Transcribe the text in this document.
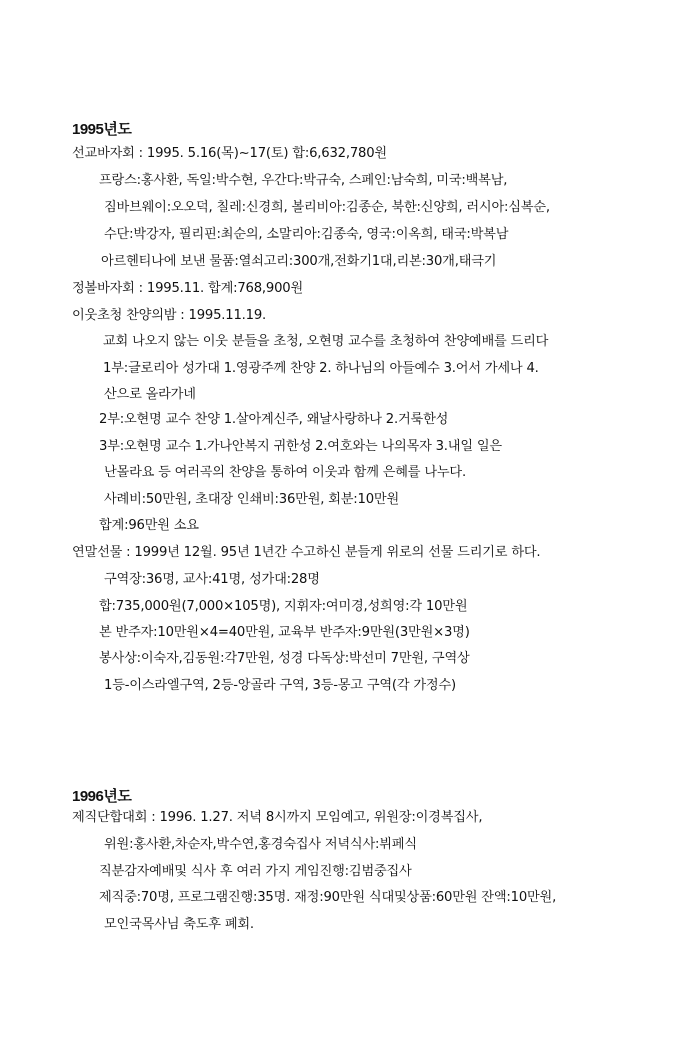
1995년도
선교바자회 : 1995. 5.16(목)~17(토) 합:6,632,780원
프랑스:홍사환, 독일:박수현, 우간다:박규숙, 스페인:남숙희, 미국:백복남,
짐바브웨이:오오덕, 칠레:신경희, 볼리비아:김종순, 북한:신양희, 러시아:심복순,
수단:박강자, 필리핀:최순의, 소말리아:김종숙, 영국:이옥희, 태국:박복남
아르헨티나에 보낸 물품:열쇠고리:300개,전화기1대,리본:30개,태극기
정볼바자회 : 1995.11. 합계:768,900원
이웃초청 찬양의밤 : 1995.11.19.
교회 나오지 않는 이웃 분들을 초청, 오현명 교수를 초청하여 찬양예배를 드리다
1부:글로리아 성가대 1.영광주께 찬양 2. 하나님의 아들예수 3.어서 가세나 4.
산으로 올라가네
2부:오현명 교수 찬양 1.살아계신주, 왜날사랑하나 2.거룩한성
3부:오현명 교수 1.가나안복지 귀한성 2.여호와는 나의목자 3.내일 일은
난몰라요 등 여러곡의 찬양을 통하여 이웃과 함께 은혜를 나누다.
사례비:50만원, 초대장 인쇄비:36만원, 회분:10만원
합계:96만원 소요
연말선물 : 1999년 12월. 95년 1년간 수고하신 분들게 위로의 선물 드리기로 하다.
구역장:36명, 교사:41명, 성가대:28명
합:735,000원(7,000×105명), 지휘자:여미경,성희영:각 10만원
본 반주자:10만원×4=40만원, 교육부 반주자:9만원(3만원×3명)
봉사상:이숙자,김동원:각7만원, 성경 다독상:박선미 7만원, 구역상
1등-이스라엘구역, 2등-앙골라 구역, 3등-몽고 구역(각 가정수)
1996년도
제직단합대회 : 1996. 1.27. 저녁 8시까지 모임예고, 위원장:이경복집사,
위원:홍사환,차순자,박수연,홍경숙집사 저녁식사:뷔페식
직분감자예배및 식사 후 여러 가지 게임진행:김범중집사
제직중:70명, 프로그램진행:35명. 재정:90만원 식대및상품:60만원 잔액:10만원,
모인국목사님 축도후 폐회.
